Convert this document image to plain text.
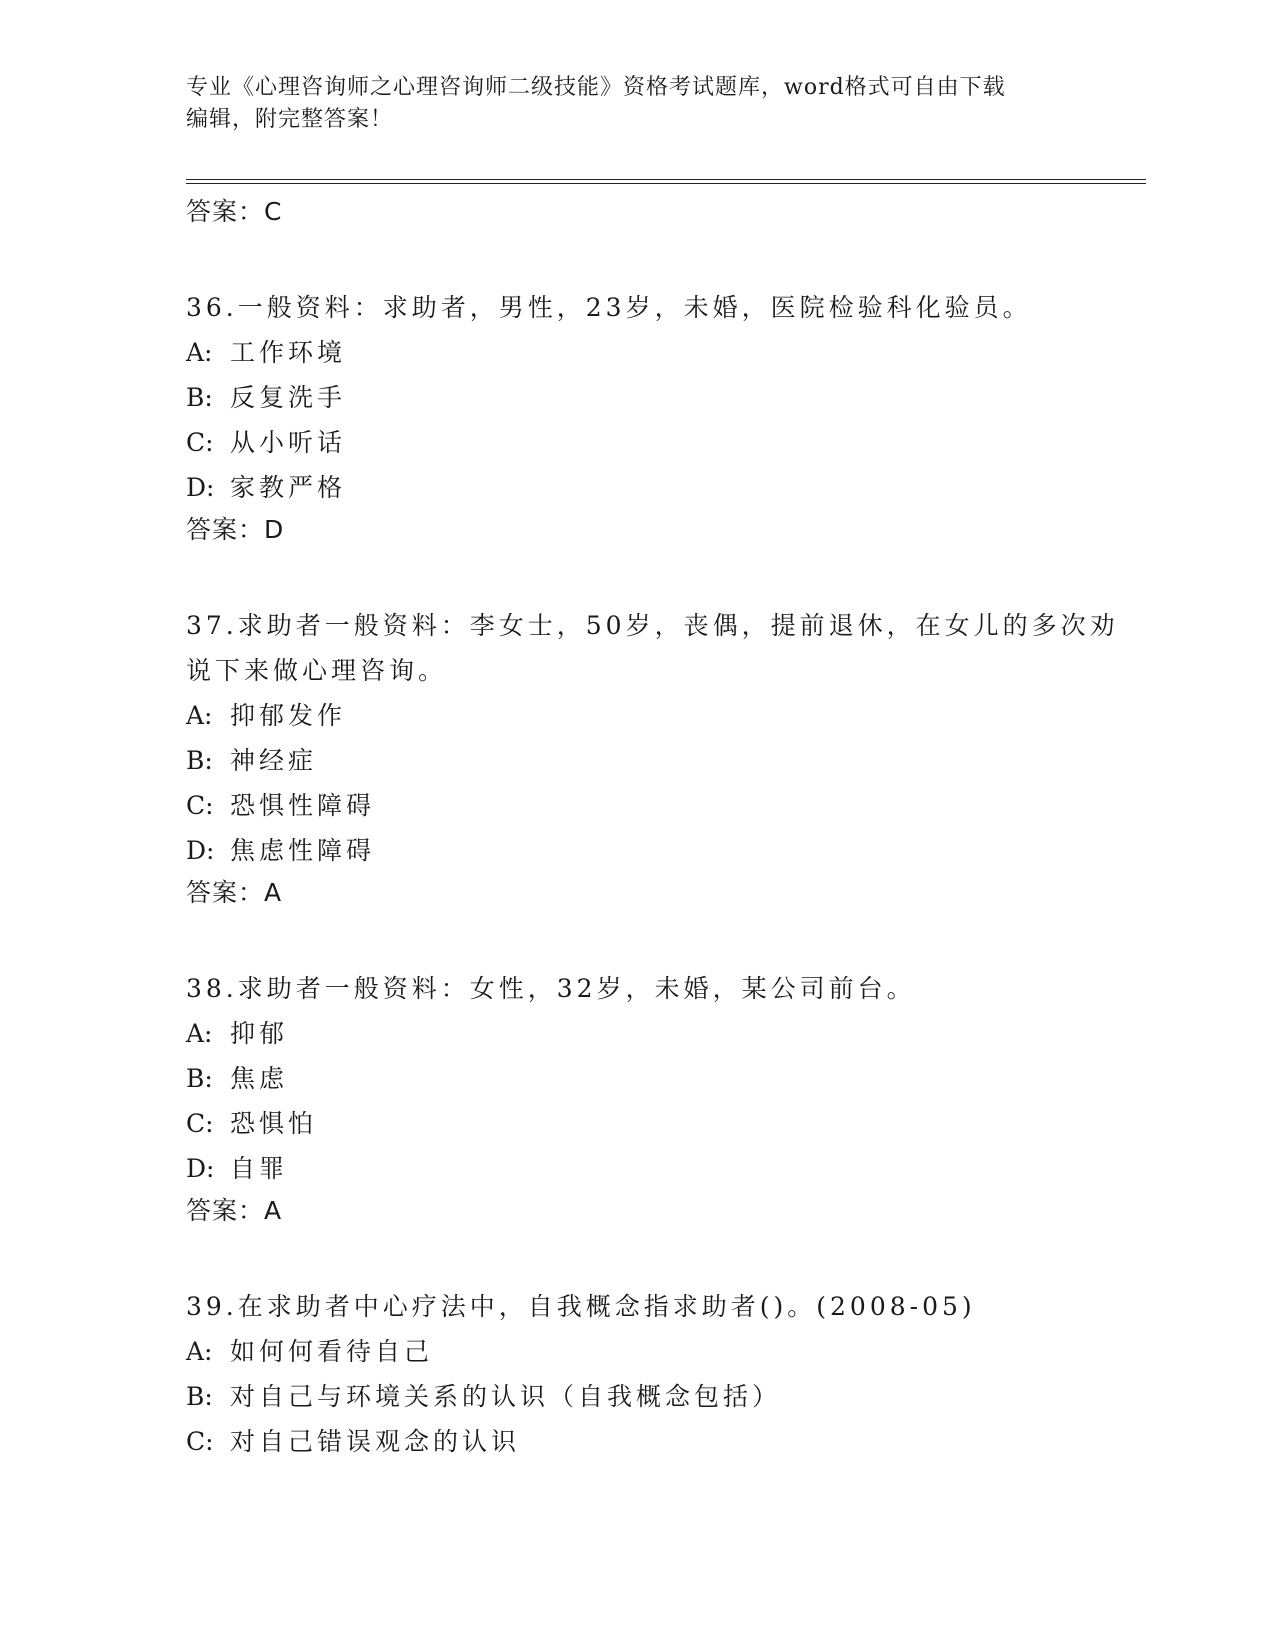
专业《心理咨询师之心理咨询师二级技能》资格考试题库，word格式可自由下载
编辑，附完整答案！
答案：C
36.一般资料：求助者，男性，23岁，未婚，医院检验科化验员。
A: 工作环境
B: 反复洗手
C: 从小听话
D: 家教严格
答案：D
37.求助者一般资料：李女士，50岁，丧偶，提前退休，在女儿的多次劝说下来做心理咨询。
A: 抑郁发作
B: 神经症
C: 恐惧性障碍
D: 焦虑性障碍
答案：A
38.求助者一般资料：女性，32岁，未婚，某公司前台。
A: 抑郁
B: 焦虑
C: 恐惧怕
D: 自罪
答案：A
39.在求助者中心疗法中，自我概念指求助者()。(2008-05)
A: 如何何看待自己
B: 对自己与环境关系的认识（自我概念包括）
C: 对自己错误观念的认识
